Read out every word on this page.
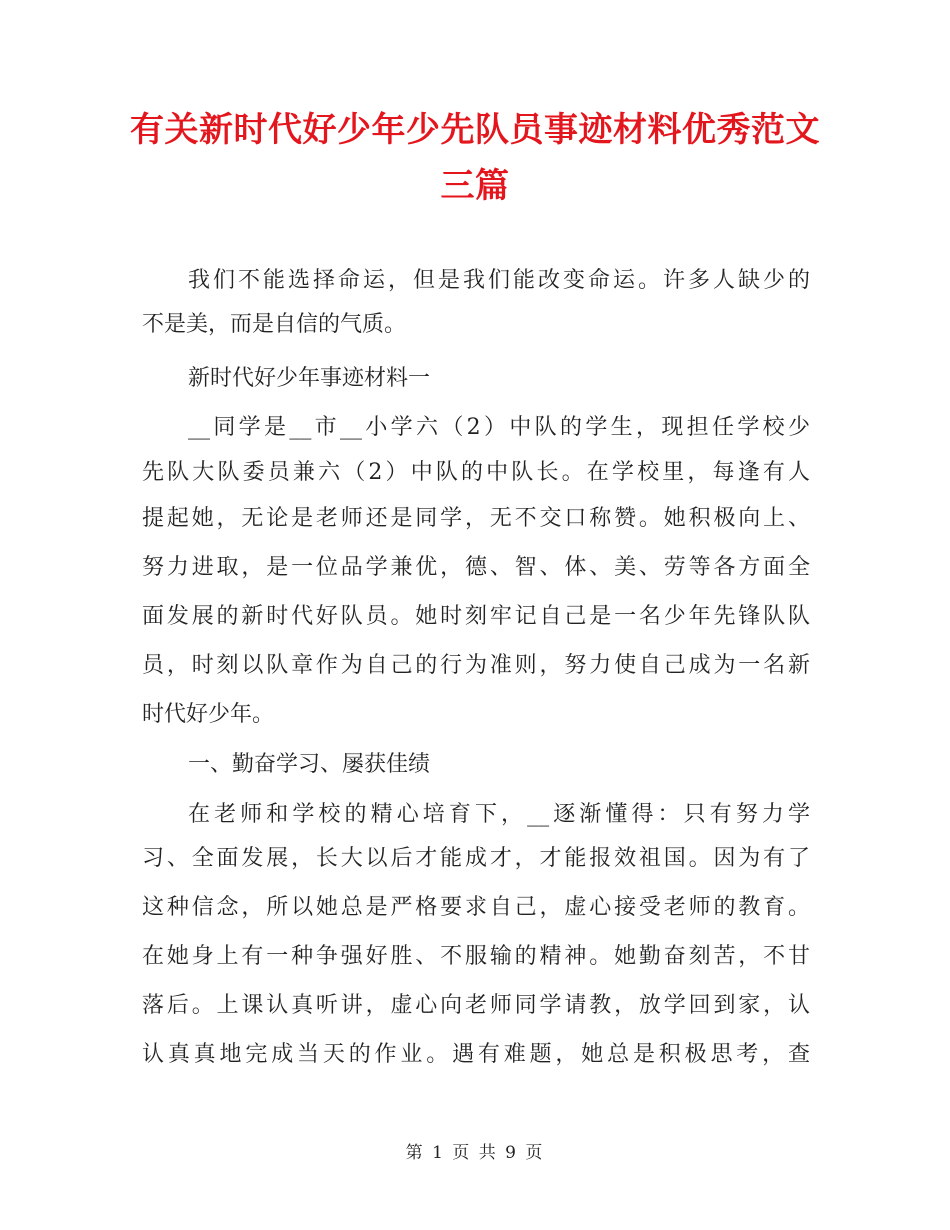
有关新时代好少年少先队员事迹材料优秀范文
三篇
我们不能选择命运，但是我们能改变命运。许多人缺少的
不是美，而是自信的气质。
新时代好少年事迹材料一
__同学是__市__小学六（2）中队的学生，现担任学校少
先队大队委员兼六（2）中队的中队长。在学校里，每逢有人
提起她，无论是老师还是同学，无不交口称赞。她积极向上、
努力进取，是一位品学兼优，德、智、体、美、劳等各方面全
面发展的新时代好队员。她时刻牢记自己是一名少年先锋队队
员，时刻以队章作为自己的行为准则，努力使自己成为一名新
时代好少年。
一、勤奋学习、屡获佳绩
在老师和学校的精心培育下，__逐渐懂得：只有努力学
习、全面发展，长大以后才能成才，才能报效祖国。因为有了
这种信念，所以她总是严格要求自己，虚心接受老师的教育。
在她身上有一种争强好胜、不服输的精神。她勤奋刻苦，不甘
落后。上课认真听讲，虚心向老师同学请教，放学回到家，认
认真真地完成当天的作业。遇有难题，她总是积极思考，查
第 1 页 共 9 页
